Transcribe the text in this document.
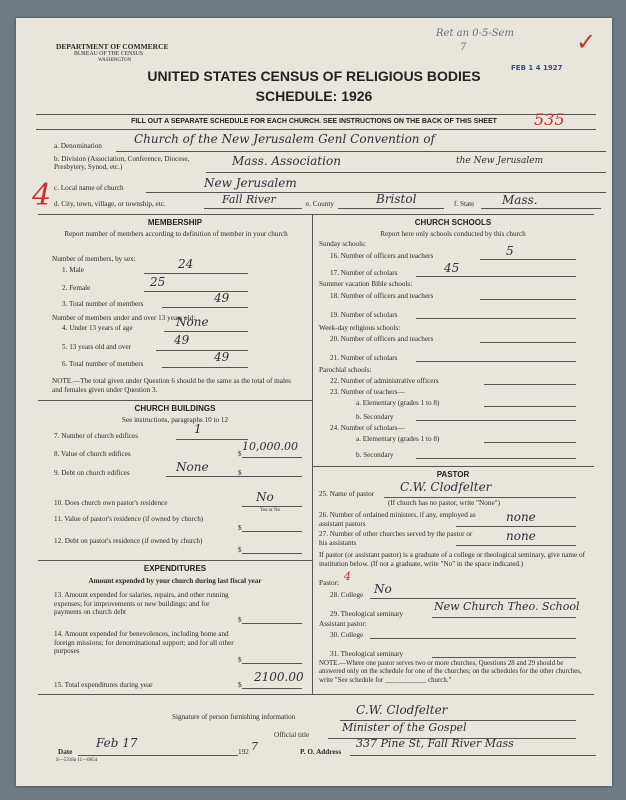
DEPARTMENT OF COMMERCE
BUREAU OF THE CENSUS
WASHINGTON
Ret an 0-5-Sem
7	✓
FEB 1 4 1927
UNITED STATES CENSUS OF RELIGIOUS BODIES
SCHEDULE: 1926
FILL OUT A SEPARATE SCHEDULE FOR EACH CHURCH. SEE INSTRUCTIONS ON THE BACK OF THIS SHEET	535
a. Denomination	Church of the New Jerusalem Genl Convention of
b. Division (Association, Conference, Diocese, Presbytery, Synod, etc.)	Mass. Association	the New Jerusalem
c. Local name of church	New Jerusalem
4 d. City, town, village, or township, etc.	Fall River	e. County	Bristol	f. State Mass.
MEMBERSHIP
Report number of members according to definition of member in your church
Number of members, by sex:
1. Male	24
2. Female	25
3. Total number of members	49
Number of members under and over 13 years old:
4. Under 13 years of age	None
5. 13 years old and over	49
6. Total number of members	49
NOTE.—The total given under Question 6 should be the same as the total of males and females given under Question 3.
CHURCH BUILDINGS
See instructions, paragraphs 10 to 12
7. Number of church edifices	1
8. Value of church edifices	$
10,000.00
9. Debt on church edifices	$
None
10. Does church own pastor's residence	No
Yes or No
11. Value of pastor's residence (if owned by church)
$
12. Debt on pastor's residence (if owned by church)
$
EXPENDITURES
Amount expended by your church during last fiscal year
13. Amount expended for salaries, repairs, and other running expenses; for improvements or new buildings; and for payments on church debt
$
14. Amount expended for benevolences, including home and foreign missions; for denominational support; and for all other purposes
$
15. Total expenditures during year	$
2100.00
CHURCH SCHOOLS
Report here only schools conducted by this church
Sunday schools:
16. Number of officers and teachers	5
17. Number of scholars	45
Summer vacation Bible schools:
18. Number of officers and teachers
19. Number of scholars
Week-day religious schools:
20. Number of officers and teachers
21. Number of scholars
Parochial schools:
22. Number of administrative officers
23. Number of teachers—
a. Elementary (grades 1 to 8)
b. Secondary
24. Number of scholars—
a. Elementary (grades 1 to 8)
b. Secondary
PASTOR
25. Name of pastor C.W. Clodfelter
(If church has no pastor, write "None")
26. Number of ordained ministers, if any, employed as assistant pastors	none
27. Number of other churches served by the pastor or his assistants	none
If pastor (or assistant pastor) is a graduate of a college or theological seminary, give name of institution below. (If not a graduate, write "No" in the space indicated.)
Pastor: 4
28. College No
29. Theological seminary
New Church Theo. School
Assistant pastor:
30. College
31. Theological seminary
NOTE.—Where one pastor serves two or more churches, Questions 28 and 29 should be answered only on the schedule for one of the churches; on the schedules for the other churches, write "See schedule for ____________ church."
Signature of person furnishing information	C.W. Clodfelter
Official title
Minister of the Gospel
Date
Feb 17
192 7
S—5318a 11—6054
P. O. Address
337 Pine St, Fall River Mass
